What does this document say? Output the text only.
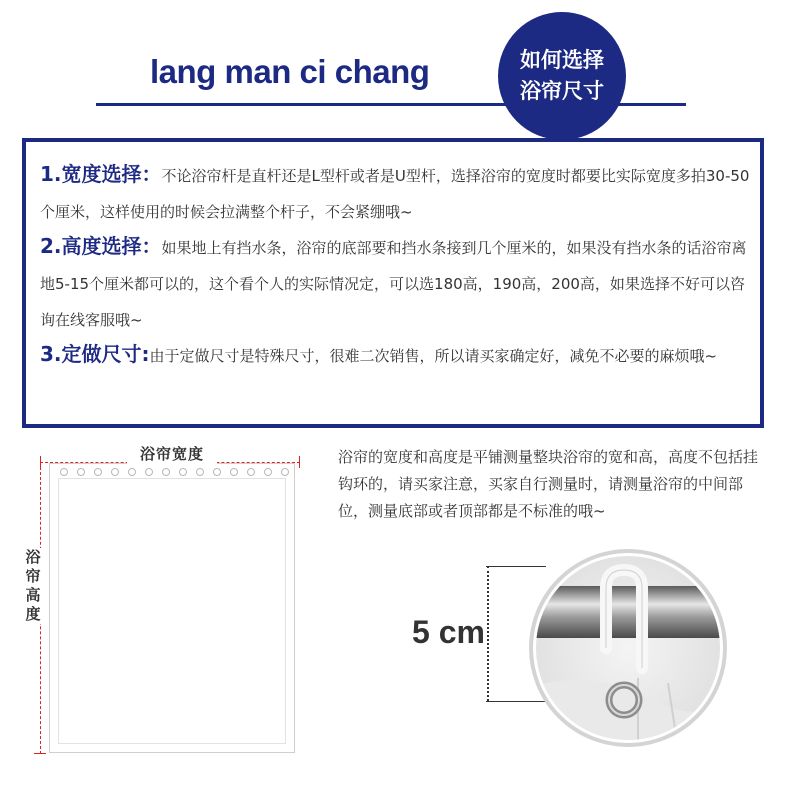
lang man ci chang	如何选择
浴帘尺寸
1.宽度选择：不论浴帘杆是直杆还是L型杆或者是U型杆，选择浴帘的宽度时都要比实际宽度多拍30-50个厘米，这样使用的时候会拉满整个杆子，不会紧绷哦~
2.高度选择：如果地上有挡水条，浴帘的底部要和挡水条接到几个厘米的，如果没有挡水条的话浴帘离地5-15个厘米都可以的，这个看个人的实际情况定，可以选180高，190高，200高，如果选择不好可以咨询在线客服哦~
3.定做尺寸:由于定做尺寸是特殊尺寸，很难二次销售，所以请买家确定好，减免不必要的麻烦哦~
浴帘宽度
浴帘高度
浴帘的宽度和高度是平铺测量整块浴帘的宽和高，高度不包括挂钩环的，请买家注意，买家自行测量时，请测量浴帘的中间部位，测量底部或者顶部都是不标准的哦~
5 cm
